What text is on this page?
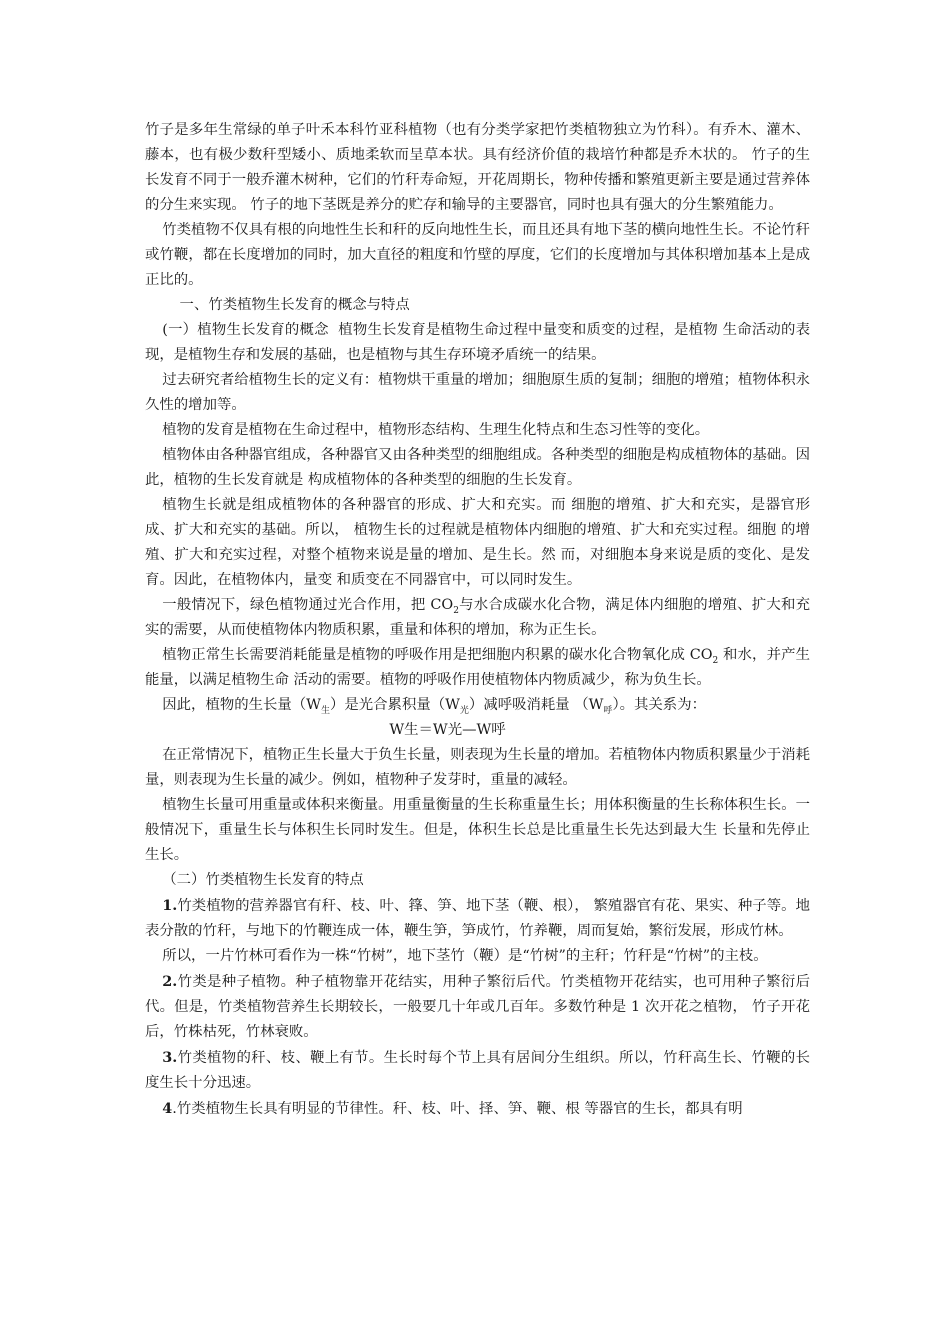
竹子是多年生常绿的单子叶禾本科竹亚科植物（也有分类学家把竹类植物独立为竹科）。有乔木、灌木、藤本，也有极少数秆型矮小、质地柔软而呈草本状。具有经济价值的栽培竹种都是乔木状的。 竹子的生长发育不同于一般乔灌木树种，它们的竹秆寿命短，开花周期长，物种传播和繁殖更新主要是通过营养体的分生来实现。 竹子的地下茎既是养分的贮存和输导的主要器官，同时也具有强大的分生繁殖能力。

竹类植物不仅具有根的向地性生长和秆的反向地性生长，而且还具有地下茎的横向地性生长。不论竹秆或竹鞭，都在长度增加的同时，加大直径的粗度和竹壁的厚度，它们的长度增加与其体积增加基本上是成正比的。

一、竹类植物生长发育的概念与特点

(一）植物生长发育的概念 植物生长发育是植物生命过程中量变和质变的过程，是植物 生命活动的表现，是植物生存和发展的基础，也是植物与其生存环境矛盾统一的结果。

过去研究者给植物生长的定义有：植物烘干重量的增加；细胞原生质的复制；细胞的增殖；植物体积永久性的增加等。

植物的发育是植物在生命过程中，植物形态结构、生理生化特点和生态习性等的变化。

植物体由各种器官组成，各种器官又由各种类型的细胞组成。各种类型的细胞是构成植物体的基础。因此，植物的生长发育就是 构成植物体的各种类型的细胞的生长发育。

植物生长就是组成植物体的各种器官的形成、扩大和充实。而 细胞的增殖、扩大和充实，是器官形成、扩大和充实的基础。所以， 植物生长的过程就是植物体内细胞的增殖、扩大和充实过程。细胞 的增殖、扩大和充实过程，对整个植物来说是量的增加、是生长。然 而，对细胞本身来说是质的变化、是发育。因此，在植物体内，量变 和质变在不同器官中，可以同时发生。

一般情况下，绿色植物通过光合作用，把 $CO_2$与水合成碳水化合物，满足体内细胞的增殖、扩大和充实的需要，从而使植物体内物质积累，重量和体积的增加，称为正生长。

植物正常生长需要消耗能量是植物的呼吸作用是把细胞内积累的碳水化合物氧化成 $CO_2$ 和水，并产生能量，以满足植物生命 活动的需要。植物的呼吸作用使植物体内物质减少，称为负生长。

因此，植物的生长量$(W_生)$是光合累积量$(W_光)$减呼吸消耗量 $(W_呼)$。其关系为：

W生＝W光—W呼

在正常情况下，植物正生长量大于负生长量，则表现为生长量的增加。若植物体内物质积累量少于消耗量，则表现为生长量的减少。例如，植物种子发芽时，重量的减轻。

植物生长量可用重量或体积来衡量。用重量衡量的生长称重量生长；用体积衡量的生长称体积生长。一般情况下，重量生长与体积生长同时发生。但是，体积生长总是比重量生长先达到最大生 长量和先停止生长。

（二）竹类植物生长发育的特点

1.竹类植物的营养器官有秆、枝、叶、箨、笋、地下茎（鞭、根）， 繁殖器官有花、果实、种子等。地表分散的竹秆，与地下的竹鞭连成一体，鞭生笋，笋成竹，竹养鞭，周而复始，繁衍发展，形成竹林。

所以，一片竹林可看作为一株“竹树”，地下茎竹（鞭）是“竹树”的主秆；竹秆是“竹树”的主枝。

2.竹类是种子植物。种子植物靠开花结实，用种子繁衍后代。竹类植物开花结实，也可用种子繁衍后代。但是，竹类植物营养生长期较长，一般要几十年或几百年。多数竹种是 1 次开花之植物， 竹子开花后，竹株枯死，竹林衰败。

3.竹类植物的秆、枝、鞭上有节。生长时每个节上具有居间分生组织。所以，竹秆高生长、竹鞭的长度生长十分迅速。

4.竹类植物生长具有明显的节律性。秆、枝、叶、择、笋、鞭、根 等器官的生长，都具有明
